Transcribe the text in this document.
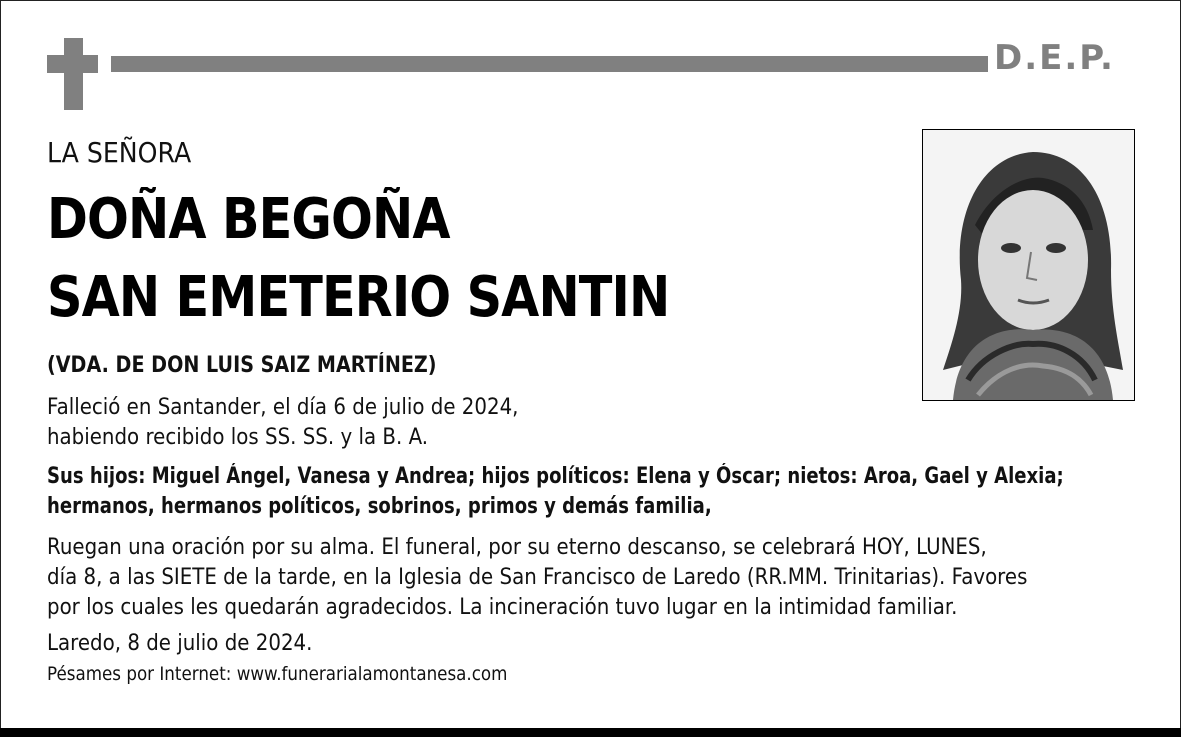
D.E.P.
LA SEÑORA
DOÑA BEGOÑA
SAN EMETERIO SANTIN
(VDA. DE DON LUIS SAIZ MARTÍNEZ)
Falleció en Santander, el día 6 de julio de 2024,
habiendo recibido los SS. SS. y la B. A.
Sus hijos: Miguel Ángel, Vanesa y Andrea; hijos políticos: Elena y Óscar; nietos: Aroa, Gael y Alexia;
hermanos, hermanos políticos, sobrinos, primos y demás familia,
Ruegan una oración por su alma. El funeral, por su eterno descanso, se celebrará HOY, LUNES,
día 8, a las SIETE de la tarde, en la Iglesia de San Francisco de Laredo (RR.MM. Trinitarias). Favores
por los cuales les quedarán agradecidos. La incineración tuvo lugar en la intimidad familiar.
Laredo, 8 de julio de 2024.
Pésames por Internet: www.funerarialamontanesa.com
